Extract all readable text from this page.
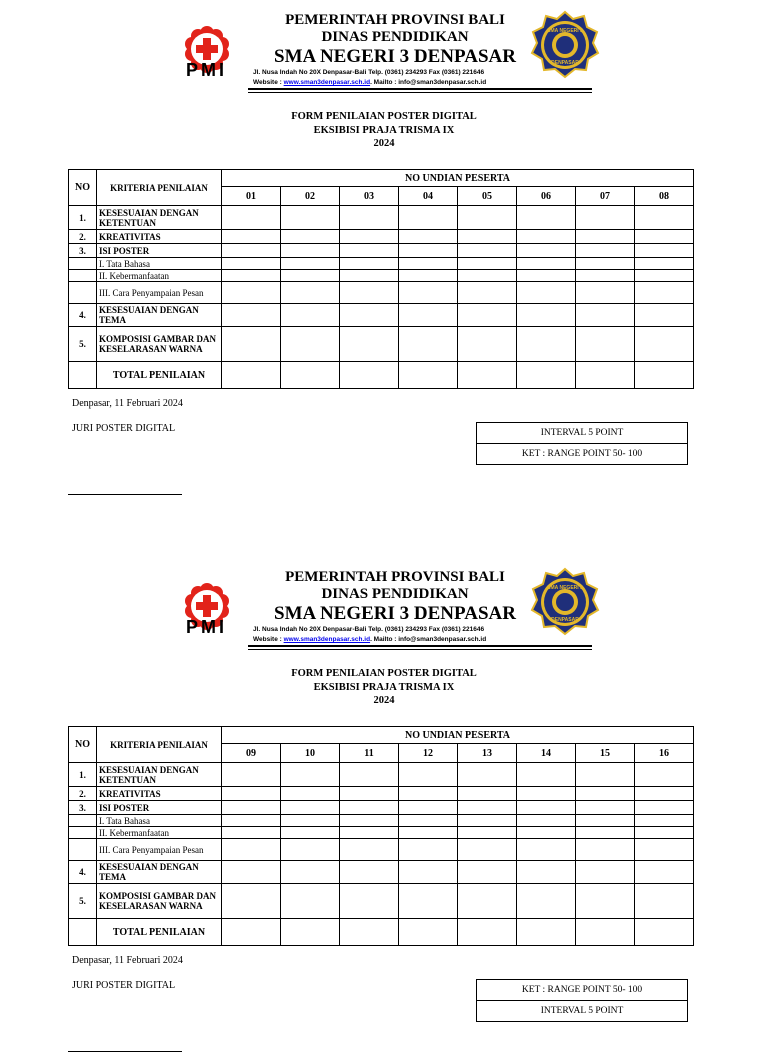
PMI
PEMERINTAH PROVINSI BALI
DINAS PENDIDIKAN
SMA NEGERI 3 DENPASAR
Jl. Nusa Indah No 20X Denpasar-Bali Telp. (0361) 234293 Fax (0361) 221646
Website : www.sman3denpasar.sch.id. Mailto : info@sman3denpasar.sch.id
SMA NEGERI 3
DENPASAR
FORM PENILAIAN POSTER DIGITAL
EKSIBISI PRAJA TRISMA IX
2024
NO	KRITERIA PENILAIAN	NO UNDIAN PESERTA							
		01	02	03	04	05	06	07	08
1.	KESESUAIAN DENGAN KETENTUAN								
2.	KREATIVITAS								
3.	ISI POSTER								
	I. Tata Bahasa								
	II. Kebermanfaatan								
	III. Cara Penyampaian Pesan								
4.	KESESUAIAN DENGAN TEMA								
5.	KOMPOSISI GAMBAR DAN KESELARASAN WARNA								
	TOTAL PENILAIAN								
Denpasar, 11 Februari 2024
JURI POSTER DIGITAL	INTERVAL 5 POINT
KET : RANGE POINT 50- 100
PMI
PEMERINTAH PROVINSI BALI
DINAS PENDIDIKAN
SMA NEGERI 3 DENPASAR
Jl. Nusa Indah No 20X Denpasar-Bali Telp. (0361) 234293 Fax (0361) 221646
Website : www.sman3denpasar.sch.id. Mailto : info@sman3denpasar.sch.id
SMA NEGERI 3
DENPASAR
FORM PENILAIAN POSTER DIGITAL
EKSIBISI PRAJA TRISMA IX
2024
NO	KRITERIA PENILAIAN	NO UNDIAN PESERTA							
		09	10	11	12	13	14	15	16
1.	KESESUAIAN DENGAN KETENTUAN								
2.	KREATIVITAS								
3.	ISI POSTER								
	I. Tata Bahasa								
	II. Kebermanfaatan								
	III. Cara Penyampaian Pesan								
4.	KESESUAIAN DENGAN TEMA								
5.	KOMPOSISI GAMBAR DAN KESELARASAN WARNA								
	TOTAL PENILAIAN								
Denpasar, 11 Februari 2024
JURI POSTER DIGITAL	KET : RANGE POINT 50- 100
INTERVAL 5 POINT
